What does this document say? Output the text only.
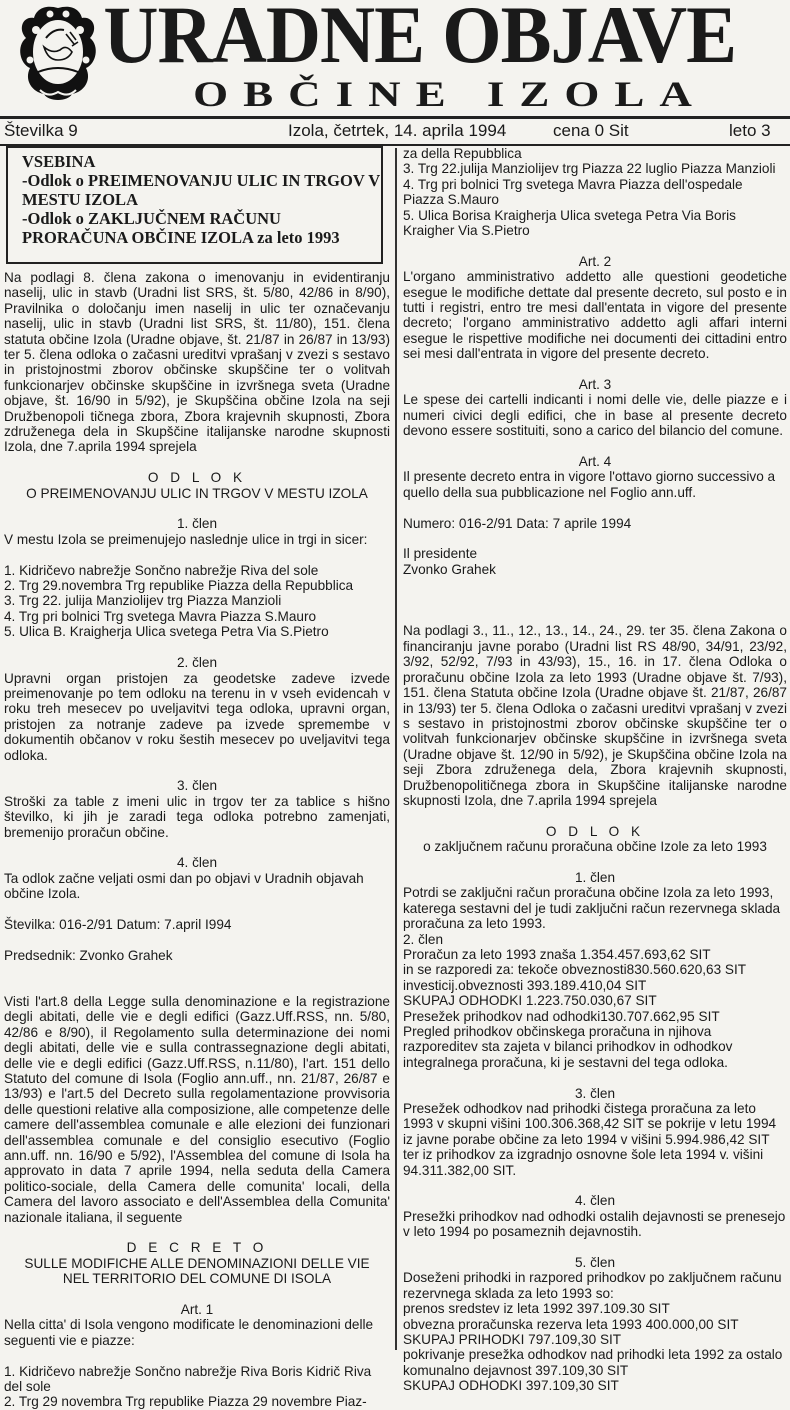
URADNE OBJAVE
OBČINE IZOLA
Številka 9	Izola, četrtek, 14. aprila 1994	cena 0 Sit	leto 3
VSEBINA
-Odlok o PREIMENOVANJU ULIC IN TRGOV V MESTU IZOLA
-Odlok o ZAKLJUČNEM RAČUNU PRORAČUNA OBČINE IZOLA za leto 1993

Na podlagi 8. člena zakona o imenovanju in evidentiranju naselij, ulic in stavb (Uradni list SRS, št. 5/80, 42/86 in 8/90), Pravilnika o določanju imen naselij in ulic ter označevanju naselij, ulic in stavb (Uradni list SRS, št. 11/80), 151. člena statuta občine Izola (Uradne objave, št. 21/87 in 26/87 in 13/93) ter 5. člena odloka o začasni ureditvi vprašanj v zvezi s sestavo in pristojnostmi zborov občinske skupščine ter o volitvah funkcionarjev občinske skupščine in izvršnega sveta (Uradne objave, št. 16/90 in 5/92), je Skupščina občine Izola na seji Družbenopoli tičnega zbora, Zbora krajevnih skupnosti, Zbora združenega dela in Skupščine italijanske narodne skupnosti Izola, dne 7.aprila 1994 sprejela

O D L O K

O PREIMENOVANJU ULIC IN TRGOV V MESTU IZOLA

1. člen

V mestu Izola se preimenujejo naslednje ulice in trgi in sicer:

1. Kidričevo nabrežje Sončno nabrežje Riva del sole

2. Trg 29.novembra Trg republike Piazza della Repubblica

3. Trg 22. julija Manziolijev trg Piazza Manzioli

4. Trg pri bolnici Trg svetega Mavra Piazza S.Mauro

5. Ulica B. Kraigherja Ulica svetega Petra Via S.Pietro

2. člen

Upravni organ pristojen za geodetske zadeve izvede preimenovanje po tem odloku na terenu in v vseh evidencah v roku treh mesecev po uveljavitvi tega odloka, upravni organ, pristojen za notranje zadeve pa izvede spremembe v dokumentih občanov v roku šestih mesecev po uveljavitvi tega odloka.

3. člen

Stroški za table z imeni ulic in trgov ter za tablice s hišno številko, ki jih je zaradi tega odloka potrebno zamenjati, bremenijo proračun občine.

4. člen

Ta odlok začne veljati osmi dan po objavi v Uradnih objavah občine Izola.

Številka: 016-2/91 Datum: 7.april I994

Predsednik: Zvonko Grahek

Visti l'art.8 della Legge sulla denominazione e la registrazione degli abitati, delle vie e degli edifici (Gazz.Uff.RSS, nn. 5/80, 42/86 e 8/90), il Regolamento sulla determinazione dei nomi degli abitati, delle vie e sulla contrassegnazione degli abitati, delle vie e degli edifici (Gazz.Uff.RSS, n.11/80), l'art. 151 dello Statuto del comune di Isola (Foglio ann.uff., nn. 21/87, 26/87 e 13/93) e l'art.5 del Decreto sulla regolamentazione provvisoria delle questioni relative alla composizione, alle competenze delle camere dell'assemblea comunale e alle elezioni dei funzionari dell'assemblea comunale e del consiglio esecutivo (Foglio ann.uff. nn. 16/90 e 5/92), l'Assemblea del comune di Isola ha approvato in data 7 aprile 1994, nella seduta della Camera politico-sociale, della Camera delle comunita' locali, della Camera del lavoro associato e dell'Assemblea della Comunita' nazionale italiana, il seguente

D E C R E T O

SULLE MODIFICHE ALLE DENOMINAZIONI DELLE VIE

NEL TERRITORIO DEL COMUNE DI ISOLA

Art. 1

Nella citta' di Isola vengono modificate le denominazioni delle seguenti vie e piazze:

1. Kidričevo nabrežje Sončno nabrežje Riva Boris Kidrič Riva del sole

2. Trg 29 novembra Trg republike Piazza 29 novembre Piaz-

za della Repubblica

3. Trg 22.julija Manziolijev trg Piazza 22 luglio Piazza Manzioli

4. Trg pri bolnici Trg svetega Mavra Piazza dell'ospedale Piazza S.Mauro

5. Ulica Borisa Kraigherja Ulica svetega Petra Via Boris Kraigher Via S.Pietro

Art. 2

L'organo amministrativo addetto alle questioni geodetiche esegue le modifiche dettate dal presente decreto, sul posto e in tutti i registri, entro tre mesi dall'entata in vigore del presente decreto; l'organo amministrativo addetto agli affari interni esegue le rispettive modifiche nei documenti dei cittadini entro sei mesi dall'entrata in vigore del presente decreto.

Art. 3

Le spese dei cartelli indicanti i nomi delle vie, delle piazze e i numeri civici degli edifici, che in base al presente decreto devono essere sostituiti, sono a carico del bilancio del comune.

Art. 4

Il presente decreto entra in vigore l'ottavo giorno successivo a quello della sua pubblicazione nel Foglio ann.uff.

Numero: 016-2/91 Data: 7 aprile 1994

Il presidente

Zvonko Grahek

Na podlagi 3., 11., 12., 13., 14., 24., 29. ter 35. člena Zakona o financiranju javne porabo (Uradni list RS 48/90, 34/91, 23/92, 3/92, 52/92, 7/93 in 43/93), 15., 16. in 17. člena Odloka o proračunu občine Izola za leto 1993 (Uradne objave št. 7/93), 151. člena Statuta občine Izola (Uradne objave št. 21/87, 26/87 in 13/93) ter 5. člena Odloka o začasni ureditvi vprašanj v zvezi s sestavo in pristojnostmi zborov občinske skupščine ter o volitvah funkcionarjev občinske skupščine in izvršnega sveta (Uradne objave št. 12/90 in 5/92), je Skupščina občine Izola na seji Zbora združenega dela, Zbora krajevnih skupnosti, Družbenopolitičnega zbora in Skupščine italijanske narodne skupnosti Izola, dne 7.aprila 1994 sprejela

O D L O K

o zaključnem računu proračuna občine Izole za leto 1993

1. člen

Potrdi se zaključni račun proračuna občine Izola za leto 1993, katerega sestavni del je tudi zaključni račun rezervnega sklada proračuna za leto 1993.

2. člen

Proračun za leto 1993 znaša 1.354.457.693,62 SIT

in se razporedi za: tekoče obveznosti830.560.620,63 SIT

investicij.obveznosti 393.189.410,04 SIT

SKUPAJ ODHODKI 1.223.750.030,67 SIT

Presežek prihodkov nad odhodki130.707.662,95 SIT

Pregled prihodkov občinskega proračuna in njihova razporeditev sta zajeta v bilanci prihodkov in odhodkov integralnega proračuna, ki je sestavni del tega odloka.

3. člen

Presežek odhodkov nad prihodki čistega proračuna za leto 1993 v skupni višini 100.306.368,42 SIT se pokrije v letu 1994 iz javne porabe občine za leto 1994 v višini 5.994.986,42 SIT ter iz prihodkov za izgradnjo osnovne šole leta 1994 v. višini 94.311.382,00 SIT.

4. člen

Presežki prihodkov nad odhodki ostalih dejavnosti se prenesejo v leto 1994 po posameznih dejavnostih.

5. člen

Doseženi prihodki in razpored prihodkov po zaključnem računu rezervnega sklada za leto 1993 so:

prenos sredstev iz leta 1992 397.109.30 SIT

obvezna proračunska rezerva leta 1993 400.000,00 SIT

SKUPAJ PRIHODKI 797.109,30 SIT

pokrivanje presežka odhodkov nad prihodki leta 1992 za ostalo komunalno dejavnost 397.109,30 SIT

SKUPAJ ODHODKI 397.109,30 SIT
